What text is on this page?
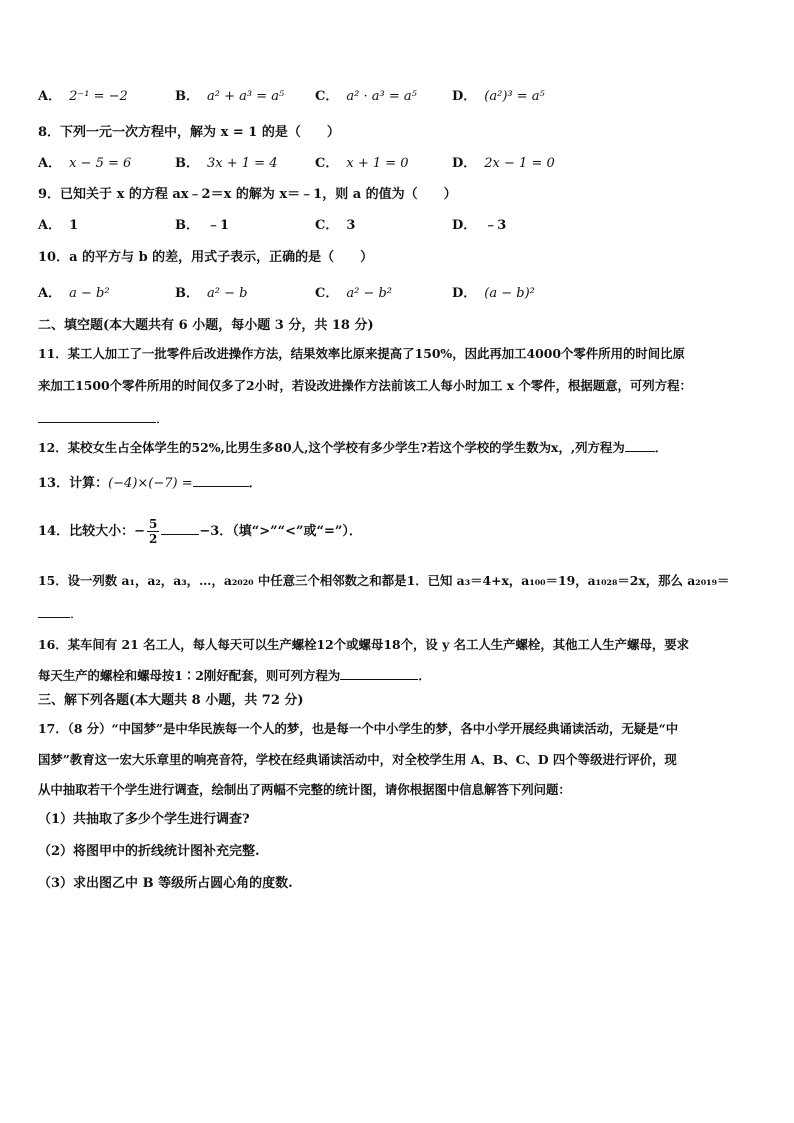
A． 2⁻¹ = −2	B． a² + a³ = a⁵ C． a² · a³ = a⁵	D． (a²)³ = a⁵
8．下列一元一次方程中，解为 x = 1 的是（　　）
A． x − 5 = 6	B． 3x + 1 = 4	C． x + 1 = 0	D． 2x − 1 = 0
9．已知关于 x 的方程 ax﹣2＝x 的解为 x＝﹣1，则 a 的值为（　　）
A． 1	B． ﹣1	C． 3	D． ﹣3
10．a 的平方与 b 的差，用式子表示，正确的是（　　）
A． a − b²	B． a² − b	C． a² − b²	D． (a − b)²
二、填空题(本大题共有 6 小题，每小题 3 分，共 18 分)
11．某工人加工了一批零件后改进操作方法，结果效率比原来提高了150%，因此再加工4000个零件所用的时间比原
来加工1500个零件所用的时间仅多了2小时，若设改进操作方法前该工人每小时加工 x 个零件，根据题意，可列方程：
．
12．某校女生占全体学生的52%,比男生多80人,这个学校有多少学生?若这个学校的学生数为x，,列方程为 ．
13．计算：(−4)×(−7) =	．
14．比较大小：− $\frac{5}{2}$	−3．（填“>”“<”或“=”）．
15．设一列数 a₁，a₂，a₃，…，a₂₀₂₀ 中任意三个相邻数之和都是1．已知 a₃＝4+x，a₁₀₀＝19，a₁₀₂₈＝2x，那么 a₂₀₁₉＝
．
16．某车间有 21 名工人，每人每天可以生产螺栓12个或螺母18个，设 y 名工人生产螺栓，其他工人生产螺母，要求
每天生产的螺栓和螺母按1∶2刚好配套，则可列方程为	．
三、解下列各题(本大题共 8 小题，共 72 分)
17．（8 分）“中国梦”是中华民族每一个人的梦，也是每一个中小学生的梦，各中小学开展经典诵读活动，无疑是“中
国梦”教育这一宏大乐章里的响亮音符，学校在经典诵读活动中，对全校学生用 A、B、C、D 四个等级进行评价，现
从中抽取若干个学生进行调查，绘制出了两幅不完整的统计图，请你根据图中信息解答下列问题：
（1）共抽取了多少个学生进行调查?
（2）将图甲中的折线统计图补充完整.
（3）求出图乙中 B 等级所占圆心角的度数.
